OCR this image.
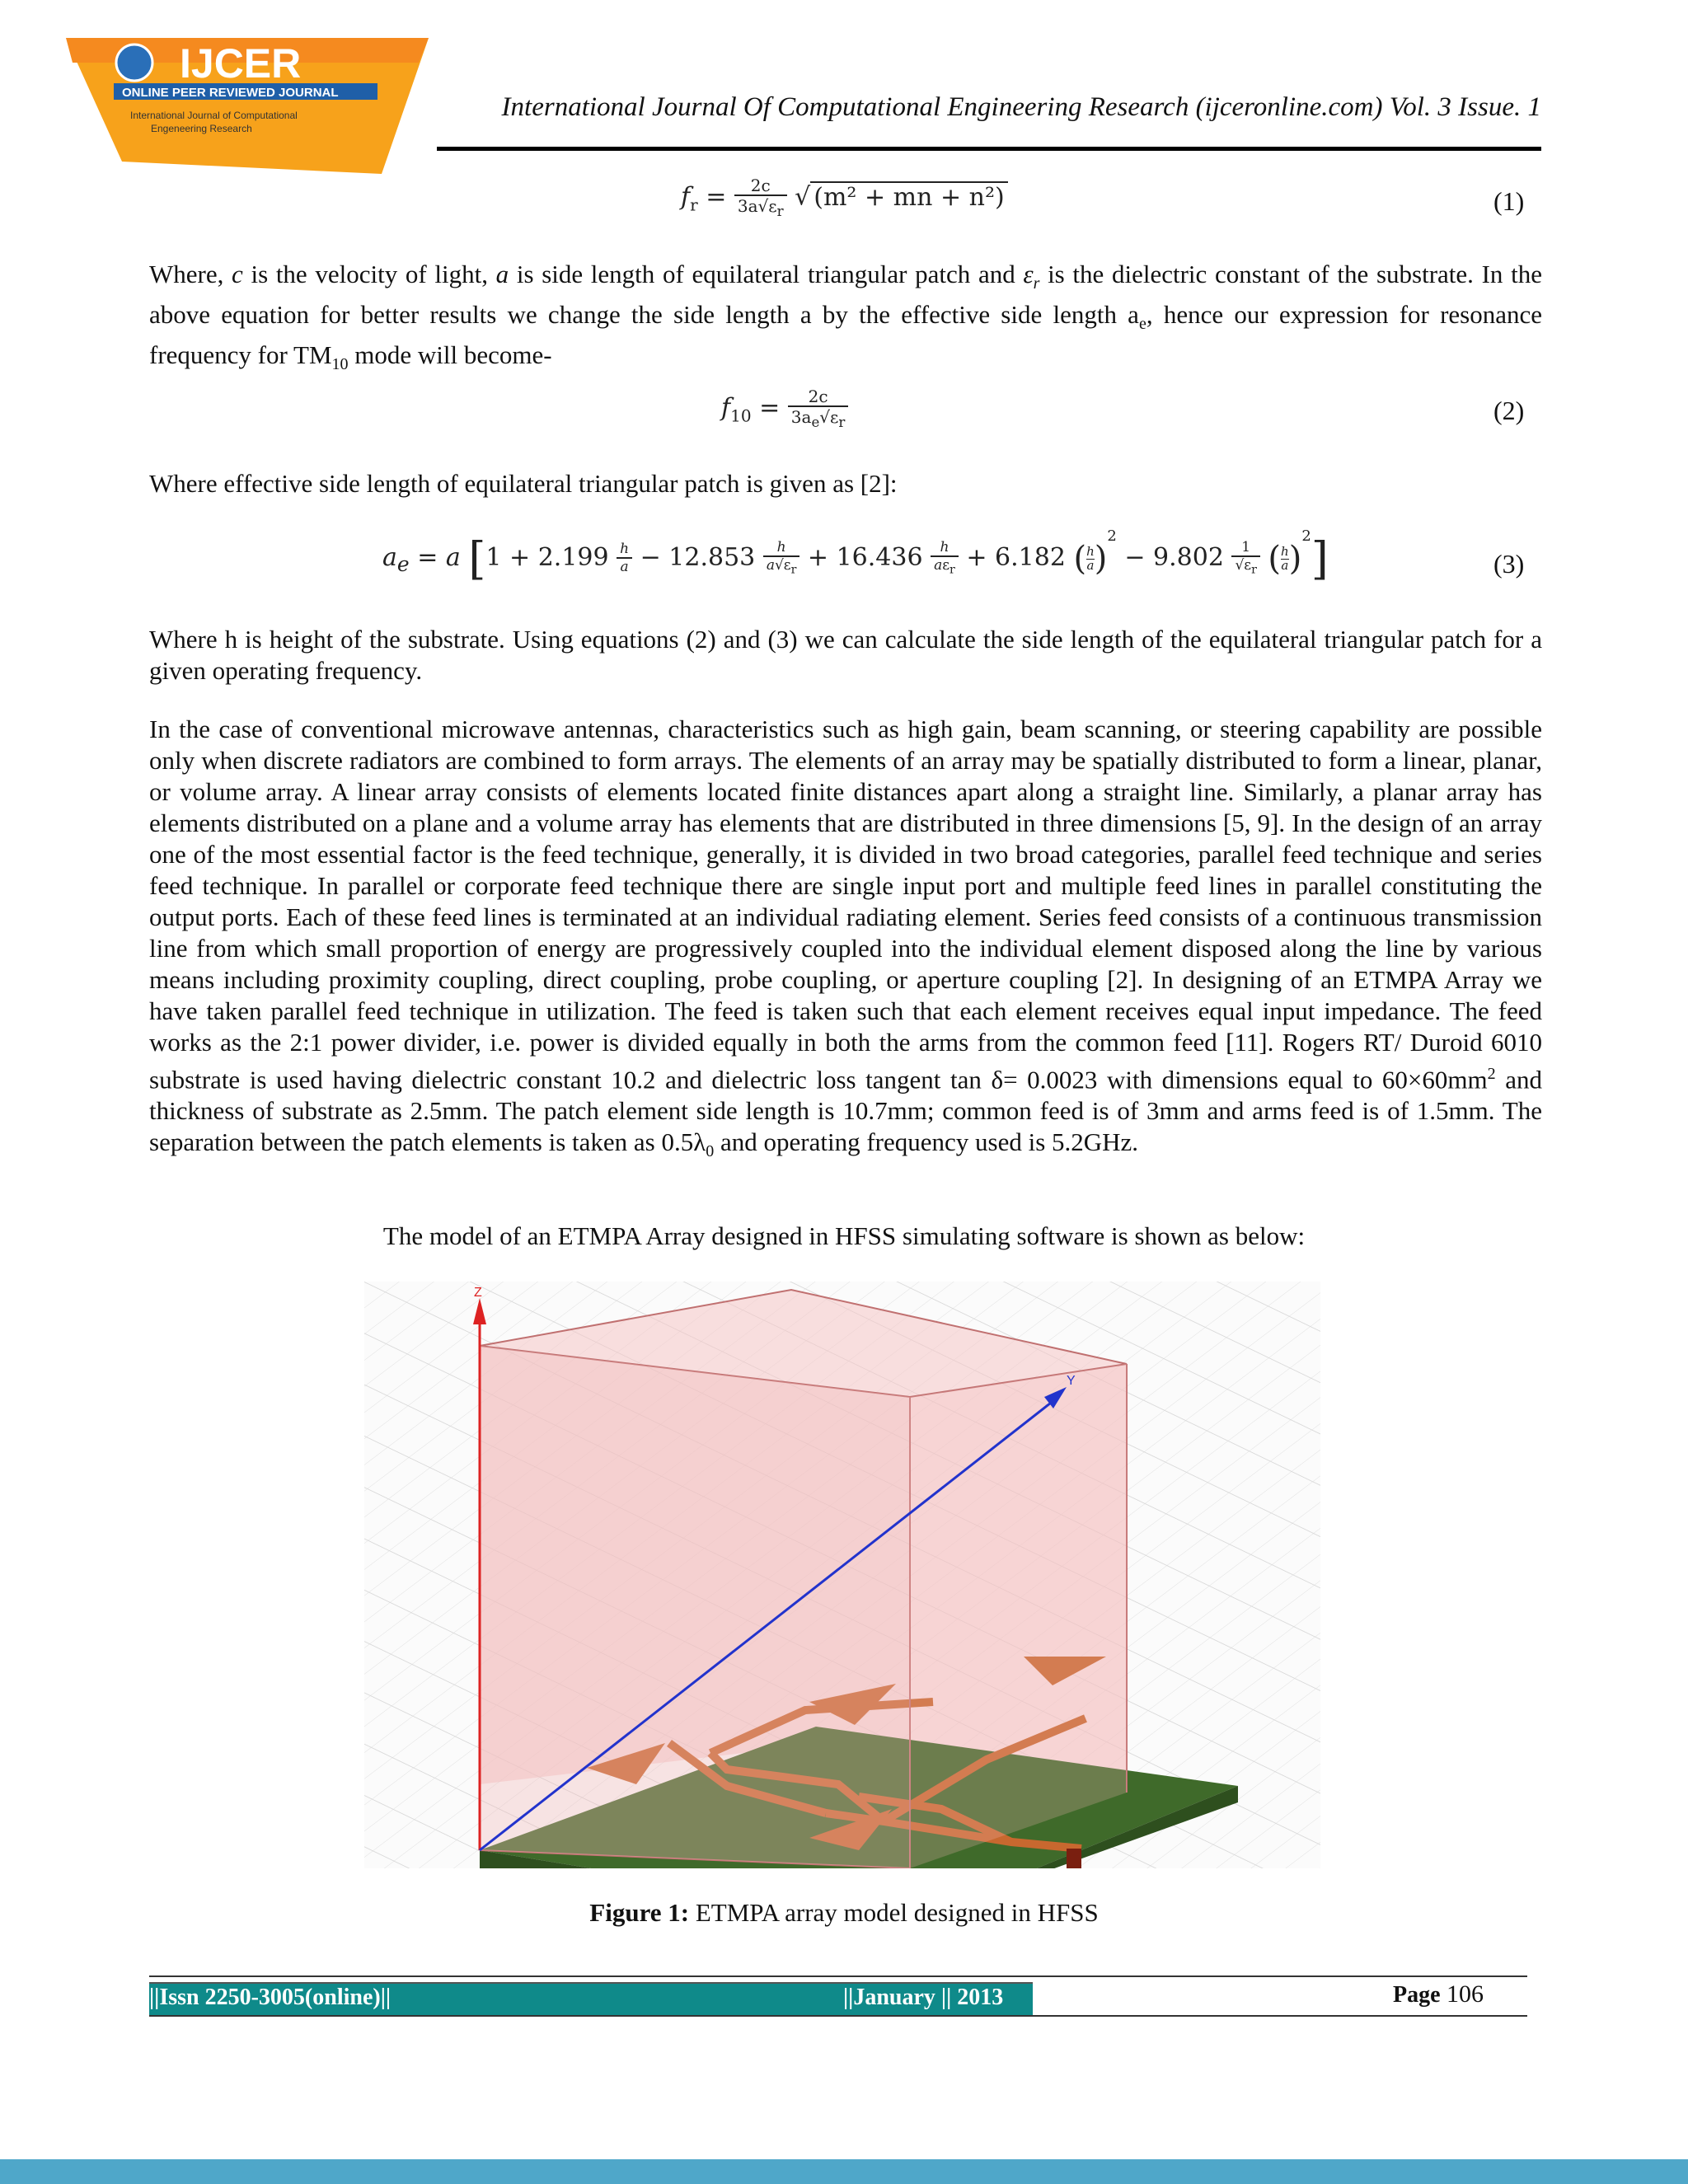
IJCER
ONLINE PEER REVIEWED JOURNAL
International Journal of Computational
Engeneering Research
International Journal Of Computational Engineering Research (ijceronline.com) Vol. 3 Issue. 1
$f_r = \frac{2c}{3a√\varepsilon_r}$ √ (m² + mn + n²)	(1)
Where, c is the velocity of light, a is side length of equilateral triangular patch and $\varepsilon_r$ is the dielectric constant of the substrate. In the above equation for better results we change the side length a by the effective side length $a_e$, hence our expression for resonance frequency for $TM_{10}$ mode will become-
$f_{10} = \frac{2c}{3a_e√\varepsilon_r}$	(2)
Where effective side length of equilateral triangular patch is given as [2]:
$a_e = a$ [$1 + 2.199 \frac{h}{a} - 12.853 \frac{h}{a√\varepsilon_r} + 16.436 \frac{h}{a\varepsilon_r} + 6.182$ ( $\frac{h}{a} )^2 - 9.802 \frac{1}{√\varepsilon_r}$ ( $\frac{h}{a} )^2$]	(3)
Where h is height of the substrate. Using equations (2) and (3) we can calculate the side length of the equilateral triangular patch for a given operating frequency.
In the case of conventional microwave antennas, characteristics such as high gain, beam scanning, or steering capability are possible only when discrete radiators are combined to form arrays. The elements of an array may be spatially distributed to form a linear, planar, or volume array. A linear array consists of elements located finite distances apart along a straight line. Similarly, a planar array has elements distributed on a plane and a volume array has elements that are distributed in three dimensions [5, 9]. In the design of an array one of the most essential factor is the feed technique, generally, it is divided in two broad categories, parallel feed technique and series feed technique. In parallel or corporate feed technique there are single input port and multiple feed lines in parallel constituting the output ports. Each of these feed lines is terminated at an individual radiating element. Series feed consists of a continuous transmission line from which small proportion of energy are progressively coupled into the individual element disposed along the line by various means including proximity coupling, direct coupling, probe coupling, or aperture coupling [2]. In designing of an ETMPA Array we have taken parallel feed technique in utilization. The feed is taken such that each element receives equal input impedance. The feed works as the 2:1 power divider, i.e. power is divided equally in both the arms from the common feed [11]. Rogers RT/ Duroid 6010 substrate is used having dielectric constant 10.2 and dielectric loss tangent tan δ= 0.0023 with dimensions equal to $60\times 60mm^2$ and thickness of substrate as 2.5mm. The patch element side length is 10.7mm; common feed is of 3mm and arms feed is of 1.5mm. The separation between the patch elements is taken as $0.5\lambda_0$ and operating frequency used is 5.2GHz.
The model of an ETMPA Array designed in HFSS simulating software is shown as below:
Z
Y
Figure 1: ETMPA array model designed in HFSS
||Issn 2250-3005(online)||	||January || 2013	Page 106
